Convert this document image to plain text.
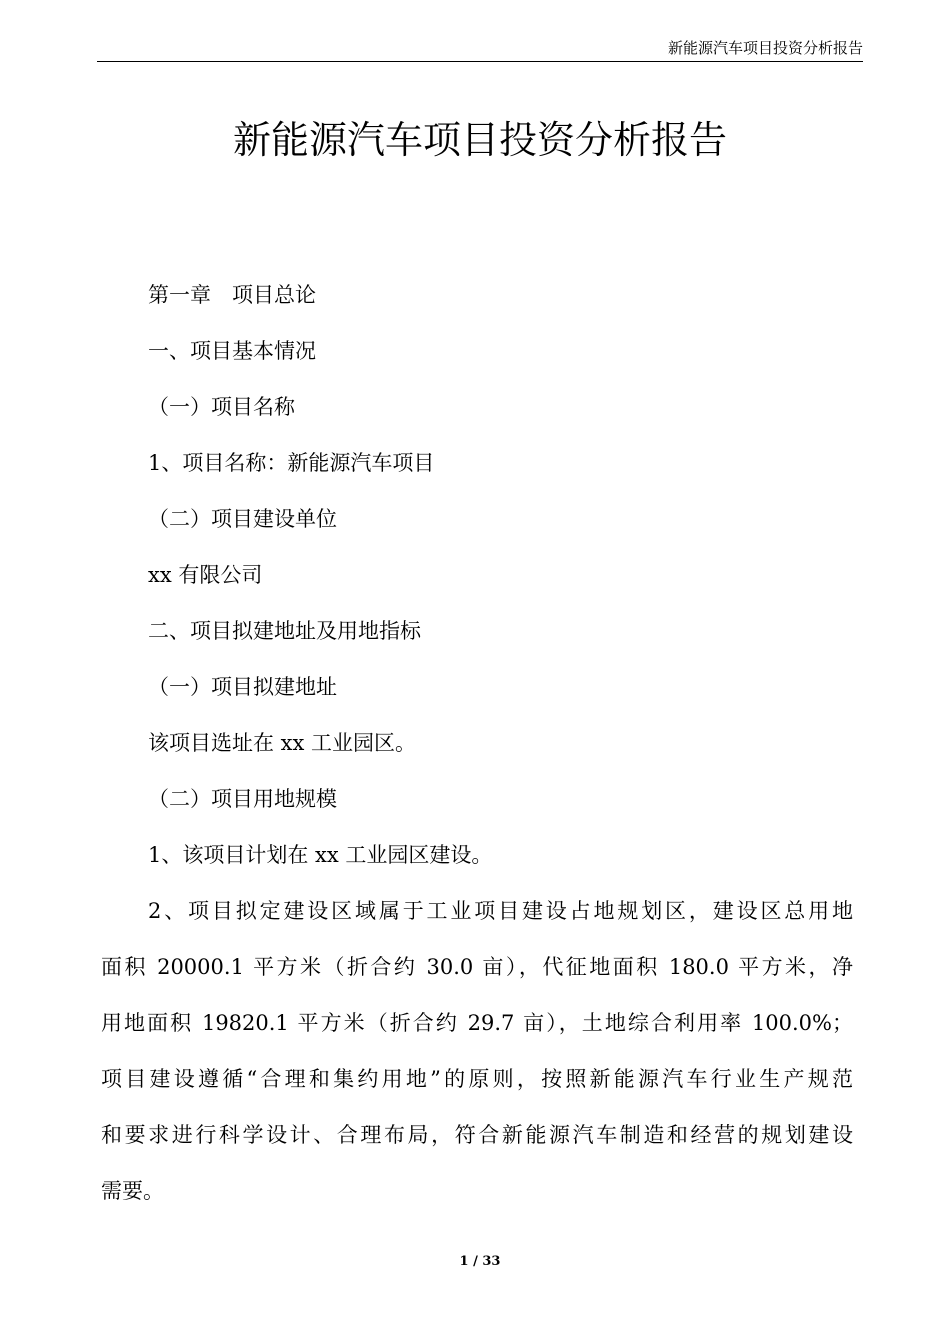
新能源汽车项目投资分析报告
新能源汽车项目投资分析报告
第一章　项目总论
一、项目基本情况
（一）项目名称
1、项目名称：新能源汽车项目
（二）项目建设单位
xx 有限公司
二、项目拟建地址及用地指标
（一）项目拟建地址
该项目选址在 xx 工业园区。
（二）项目用地规模
1、该项目计划在 xx 工业园区建设。
2、项目拟定建设区域属于工业项目建设占地规划区，建设区总用地
面积 20000.1 平方米（折合约 30.0 亩），代征地面积 180.0 平方米，净
用地面积 19820.1 平方米（折合约 29.7 亩），土地综合利用率 100.0%；
项目建设遵循“合理和集约用地”的原则，按照新能源汽车行业生产规范
和要求进行科学设计、合理布局，符合新能源汽车制造和经营的规划建设
需要。
1 / 33
